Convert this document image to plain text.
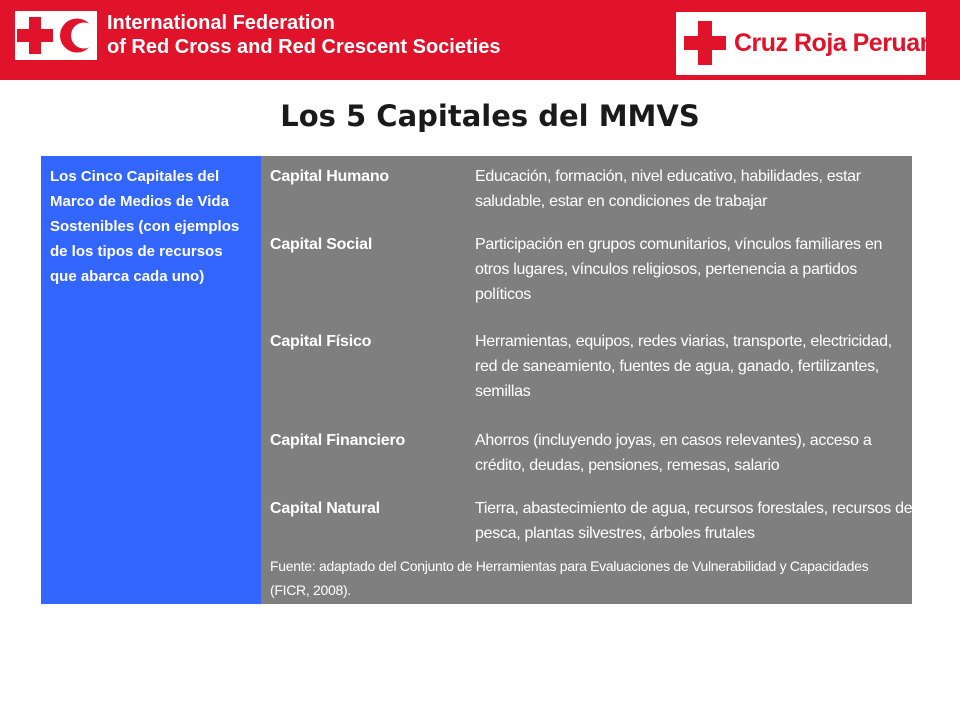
International Federation
of Red Cross and Red Crescent Societies	Cruz Roja Peruana
Los 5 Capitales del MMVS
Los Cinco Capitales del Marco de Medios de Vida Sostenibles (con ejemplos de los tipos de recursos que abarca cada uno)
Capital Humano	Educación, formación, nivel educativo, habilidades, estar saludable, estar en condiciones de trabajar
Capital Social	Participación en grupos comunitarios, vínculos familiares en otros lugares, vínculos religiosos, pertenencia a partidos políticos
Capital Físico	Herramientas, equipos, redes viarias, transporte, electricidad, red de saneamiento, fuentes de agua, ganado, fertilizantes, semillas
Capital Financiero	Ahorros (incluyendo joyas, en casos relevantes), acceso a crédito, deudas, pensiones, remesas, salario
Capital Natural	Tierra, abastecimiento de agua, recursos forestales, recursos de pesca, plantas silvestres, árboles frutales
Fuente: adaptado del Conjunto de Herramientas para Evaluaciones de Vulnerabilidad y Capacidades (FICR, 2008).
